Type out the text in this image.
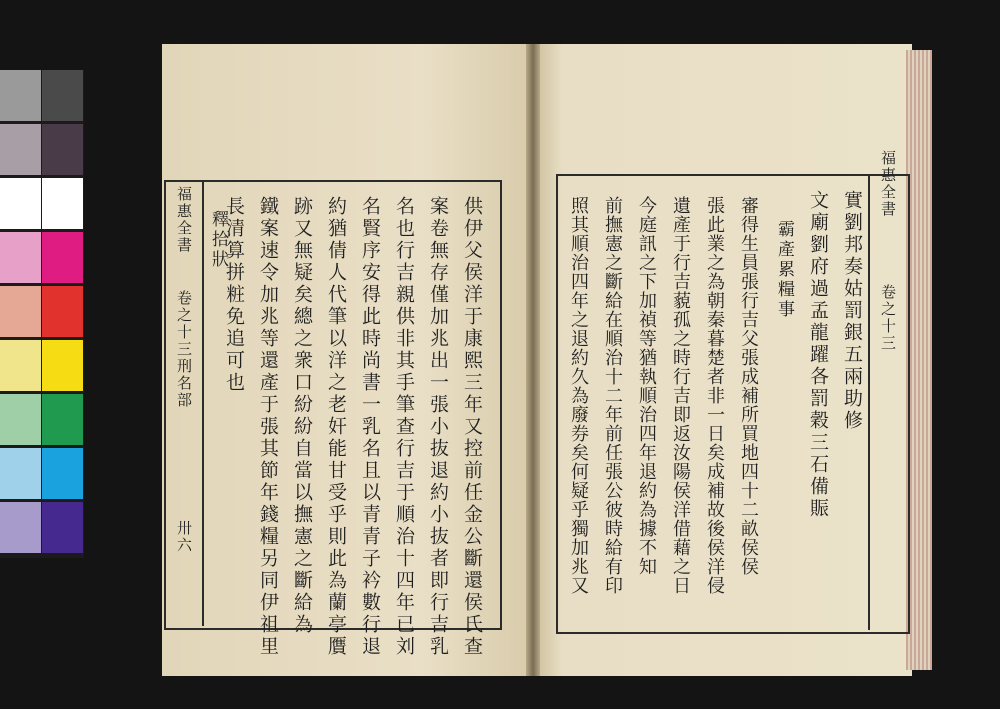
福惠全書
卷之十三刑名部
卅六	供伊父侯洋于康熙三年又控前任金公斷還侯氏查
案卷無存僅加兆出一張小抜退約小抜者即行吉乳
名也行吉親供非其手筆查行吉于順治十四年已刘
名賢序安得此時尚書一乳名且以青青子衿數行退
約猶倩人代筆以洋之老奸能甘受乎則此為蘭亭贋
跡又無疑矣總之衆口紛紛自當以撫憲之斷給為
鐵案速令加兆等還產于張其節年錢糧另同伊祖里
長清算拼粧免追可也
釋拾狀
福惠全書
卷之十三
實劉邦奏姑罰銀五兩助修
文廟劉府過孟龍躍各罰穀三石備賑
霸產累糧事
審得生員張行吉父張成補所買地四十二畝侯侯
張此業之為朝秦暮楚者非一日矣成補故後侯洋侵
遺產于行吉藐孤之時行吉即返汝陽侯洋借藉之日
今庭訊之下加禎等猶執順治四年退約為據不知
前撫憲之斷給在順治十二年前任張公彼時給有印
照其順治四年之退約久為廢券矣何疑乎獨加兆又
